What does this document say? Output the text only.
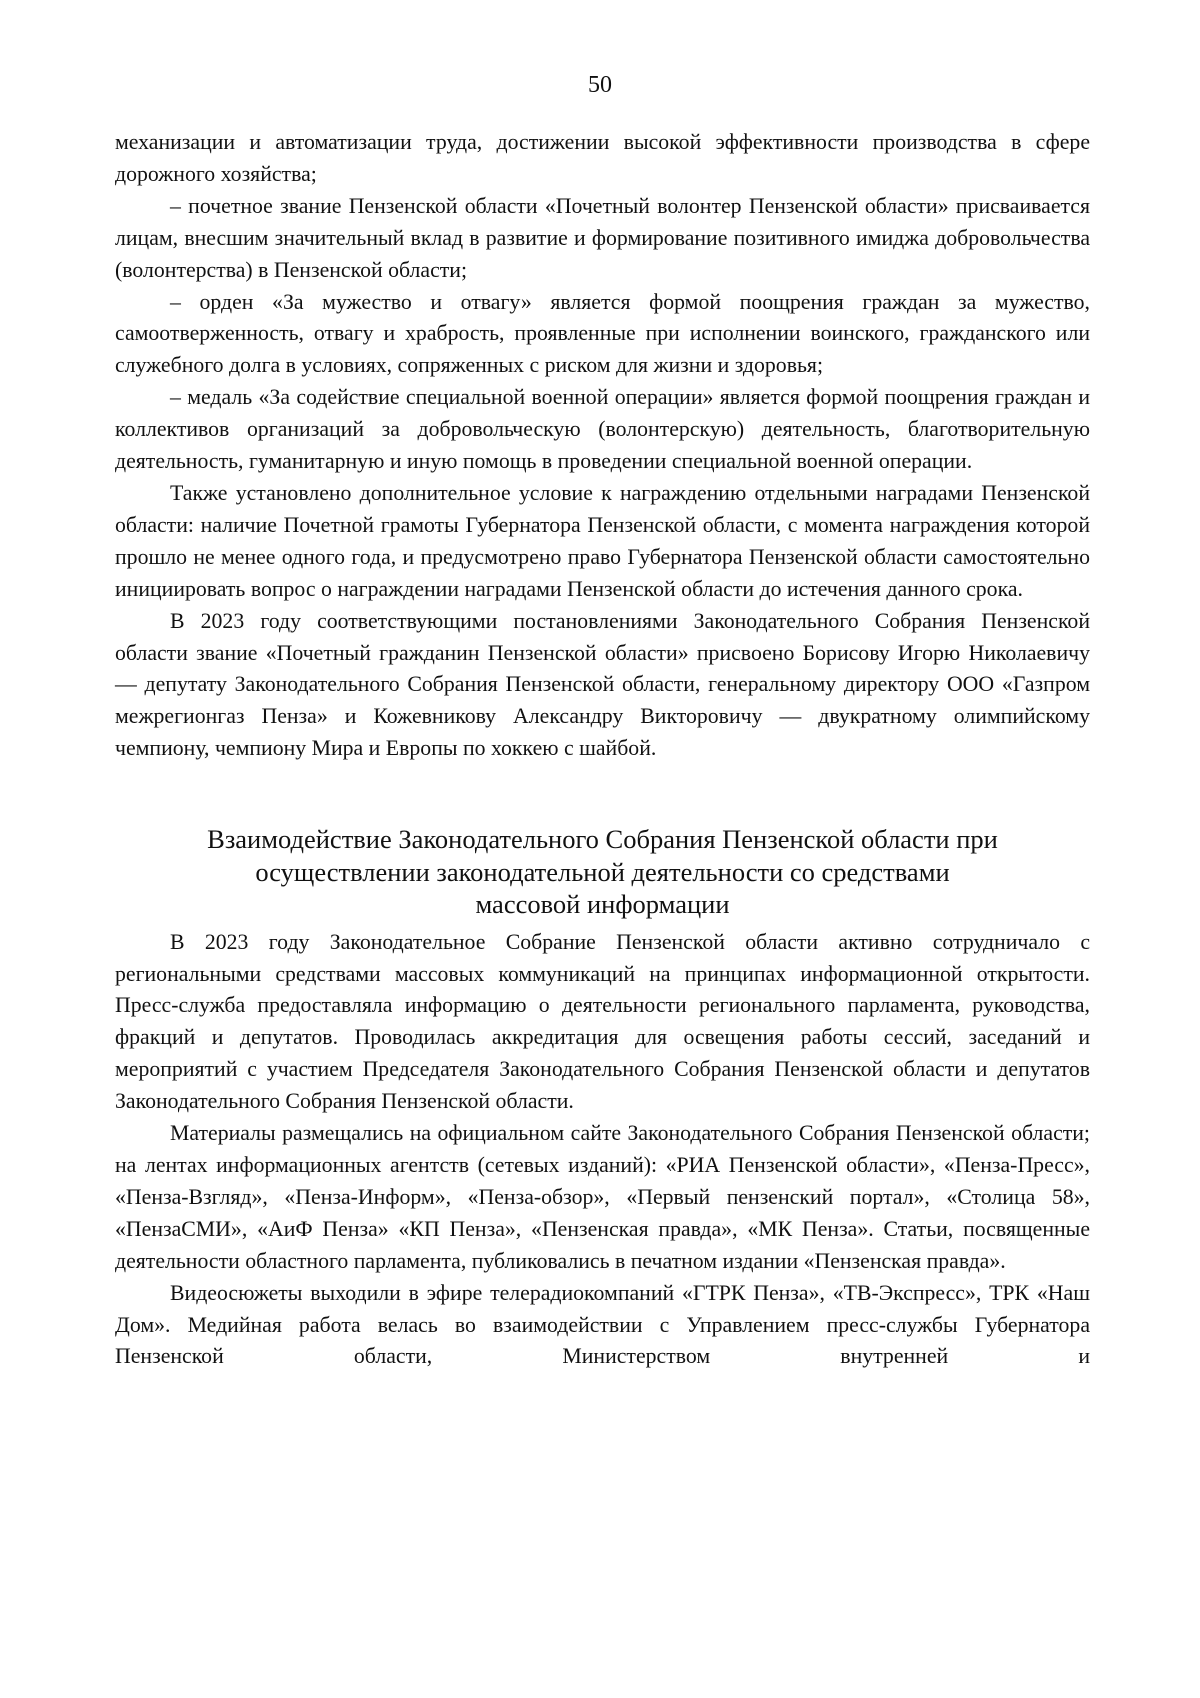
50

механизации и автоматизации труда, достижении высокой эффективности производства в сфере дорожного хозяйства;

– почетное звание Пензенской области «Почетный волонтер Пензенской области» присваивается лицам, внесшим значительный вклад в развитие и формирование позитивного имиджа добровольчества (волонтерства) в Пензенской области;

– орден «За мужество и отвагу» является формой поощрения граждан за мужество, самоотверженность, отвагу и храбрость, проявленные при исполнении воинского, гражданского или служебного долга в условиях, сопряженных с риском для жизни и здоровья;

– медаль «За содействие специальной военной операции» является формой поощрения граждан и коллективов организаций за добровольческую (волонтерскую) деятельность, благотворительную деятельность, гуманитарную и иную помощь в проведении специальной военной операции.

Также установлено дополнительное условие к награждению отдельными наградами Пензенской области: наличие Почетной грамоты Губернатора Пензенской области, с момента награждения которой прошло не менее одного года, и предусмотрено право Губернатора Пензенской области самостоятельно инициировать вопрос о награждении наградами Пензенской области до истечения данного срока.

В 2023 году соответствующими постановлениями Законодательного Собрания Пензенской области звание «Почетный гражданин Пензенской области» присвоено Борисову Игорю Николаевичу — депутату Законодательного Собрания Пензенской области, генеральному директору ООО «Газпром межрегионгаз Пенза» и Кожевникову Александру Викторовичу — двукратному олимпийскому чемпиону, чемпиону Мира и Европы по хоккею с шайбой.

Взаимодействие Законодательного Собрания Пензенской области при
осуществлении законодательной деятельности со средствами
массовой информации

В 2023 году Законодательное Собрание Пензенской области активно сотрудничало с региональными средствами массовых коммуникаций на принципах информационной открытости. Пресс-служба предоставляла информацию о деятельности регионального парламента, руководства, фракций и депутатов. Проводилась аккредитация для освещения работы сессий, заседаний и мероприятий с участием Председателя Законодательного Собрания Пензенской области и депутатов Законодательного Собрания Пензенской области.

Материалы размещались на официальном сайте Законодательного Собрания Пензенской области; на лентах информационных агентств (сетевых изданий): «РИА Пензенской области», «Пенза-Пресс», «Пенза-Взгляд», «Пенза-Информ», «Пенза-обзор», «Первый пензенский портал», «Столица 58», «ПензаСМИ», «АиФ Пенза» «КП Пенза», «Пензенская правда», «МК Пенза». Статьи, посвященные деятельности областного парламента, публиковались в печатном издании «Пензенская правда».

Видеосюжеты выходили в эфире телерадиокомпаний «ГТРК Пенза», «ТВ-Экспресс», ТРК «Наш Дом». Медийная работа велась во взаимодействии с Управлением пресс-службы Губернатора Пензенской области, Министерством внутренней и
